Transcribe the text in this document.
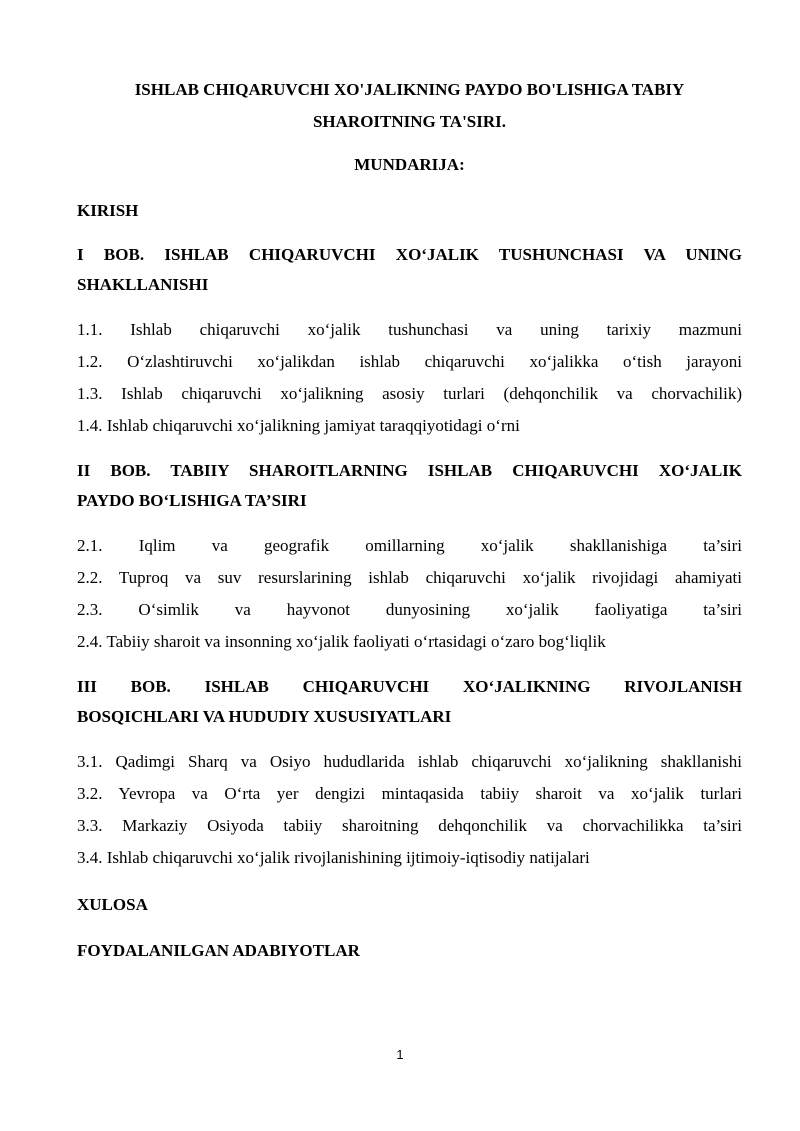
ISHLAB CHIQARUVCHI XO'JALIKNING PAYDO BO'LISHIGA TABIY
SHAROITNING TA'SIRI.

MUNDARIJA:

KIRISH

I BOB. ISHLAB CHIQARUVCHI XO‘JALIK TUSHUNCHASI VA UNING
SHAKLLANISHI

1.1. Ishlab chiqaruvchi xo‘jalik tushunchasi va uning tarixiy mazmuni

1.2. O‘zlashtiruvchi xo‘jalikdan ishlab chiqaruvchi xo‘jalikka o‘tish jarayoni

1.3. Ishlab chiqaruvchi xo‘jalikning asosiy turlari (dehqonchilik va chorvachilik)

1.4. Ishlab chiqaruvchi xo‘jalikning jamiyat taraqqiyotidagi o‘rni

II BOB. TABIIY SHAROITLARNING ISHLAB CHIQARUVCHI XO‘JALIK
PAYDO BO‘LISHIGA TA’SIRI

2.1. Iqlim va geografik omillarning xo‘jalik shakllanishiga ta’siri

2.2. Tuproq va suv resurslarining ishlab chiqaruvchi xo‘jalik rivojidagi ahamiyati

2.3. O‘simlik va hayvonot dunyosining xo‘jalik faoliyatiga ta’siri

2.4. Tabiiy sharoit va insonning xo‘jalik faoliyati o‘rtasidagi o‘zaro bog‘liqlik

III BOB. ISHLAB CHIQARUVCHI XO‘JALIKNING RIVOJLANISH
BOSQICHLARI VA HUDUDIY XUSUSIYATLARI

3.1. Qadimgi Sharq va Osiyo hududlarida ishlab chiqaruvchi xo‘jalikning shakllanishi

3.2. Yevropa va O‘rta yer dengizi mintaqasida tabiiy sharoit va xo‘jalik turlari

3.3. Markaziy Osiyoda tabiiy sharoitning dehqonchilik va chorvachilikka ta’siri

3.4. Ishlab chiqaruvchi xo‘jalik rivojlanishining ijtimoiy-iqtisodiy natijalari

XULOSA

FOYDALANILGAN ADABIYOTLAR

1
